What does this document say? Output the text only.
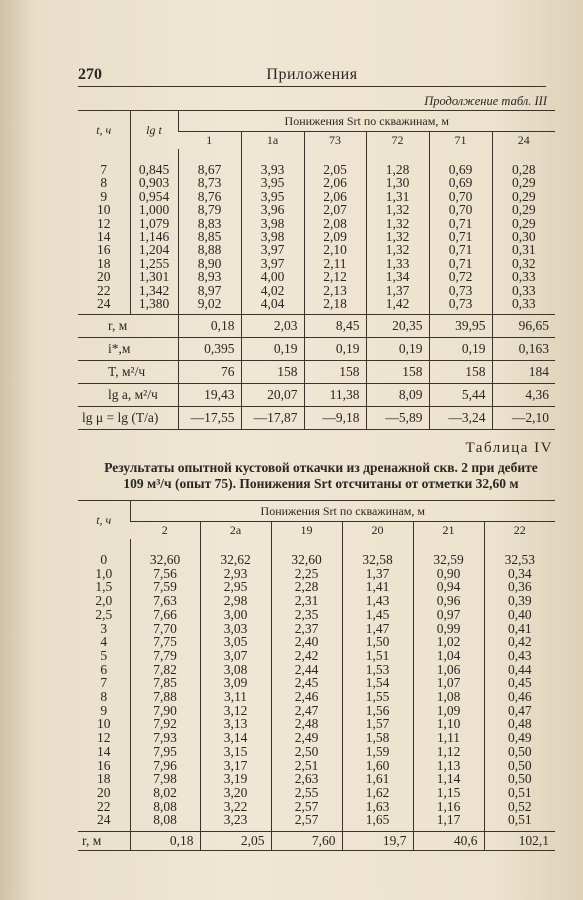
270	Приложения
Продолжение табл. III
t, ч	lg t	Понижения Srt по скважинам, м					
		1	1a	73	72	71	24
7	0,845	8,67	3,93	2,05	1,28	0,69	0,28
8	0,903	8,73	3,95	2,06	1,30	0,69	0,29
9	0,954	8,76	3,95	2,06	1,31	0,70	0,29
10	1,000	8,79	3,96	2,07	1,32	0,70	0,29
12	1,079	8,83	3,98	2,08	1,32	0,71	0,29
14	1,146	8,85	3,98	2,09	1,32	0,71	0,30
16	1,204	8,88	3,97	2,10	1,32	0,71	0,31
18	1,255	8,90	3,97	2,11	1,33	0,71	0,32
20	1,301	8,93	4,00	2,12	1,34	0,72	0,33
22	1,342	8,97	4,02	2,13	1,37	0,73	0,33
24	1,380	9,02	4,04	2,18	1,42	0,73	0,33
r, м		0,18	2,03	8,45	20,35	39,95	96,65
i*,м		0,395	0,19	0,19	0,19	0,19	0,163
T, м²/ч		76	158	158	158	158	184
lg a, м²/ч		19,43	20,07	11,38	8,09	5,44	4,36
lg μ = lg (T/a)		—17,55	—17,87	—9,18	—5,89	—3,24	—2,10
Таблица IV
Результаты опытной кустовой откачки из дренажной скв. 2 при дебите
109 м³/ч (опыт 75). Понижения Srt отсчитаны от отметки 32,60 м
t, ч	Понижения Srt по скважинам, м					
	2	2a	19	20	21	22
0	32,60	32,62	32,60	32,58	32,59	32,53
1,0	7,56	2,93	2,25	1,37	0,90	0,34
1,5	7,59	2,95	2,28	1,41	0,94	0,36
2,0	7,63	2,98	2,31	1,43	0,96	0,39
2,5	7,66	3,00	2,35	1,45	0,97	0,40
3	7,70	3,03	2,37	1,47	0,99	0,41
4	7,75	3,05	2,40	1,50	1,02	0,42
5	7,79	3,07	2,42	1,51	1,04	0,43
6	7,82	3,08	2,44	1,53	1,06	0,44
7	7,85	3,09	2,45	1,54	1,07	0,45
8	7,88	3,11	2,46	1,55	1,08	0,46
9	7,90	3,12	2,47	1,56	1,09	0,47
10	7,92	3,13	2,48	1,57	1,10	0,48
12	7,93	3,14	2,49	1,58	1,11	0,49
14	7,95	3,15	2,50	1,59	1,12	0,50
16	7,96	3,17	2,51	1,60	1,13	0,50
18	7,98	3,19	2,63	1,61	1,14	0,50
20	8,02	3,20	2,55	1,62	1,15	0,51
22	8,08	3,22	2,57	1,63	1,16	0,52
24	8,08	3,23	2,57	1,65	1,17	0,51
r, м	0,18	2,05	7,60	19,7	40,6	102,1
